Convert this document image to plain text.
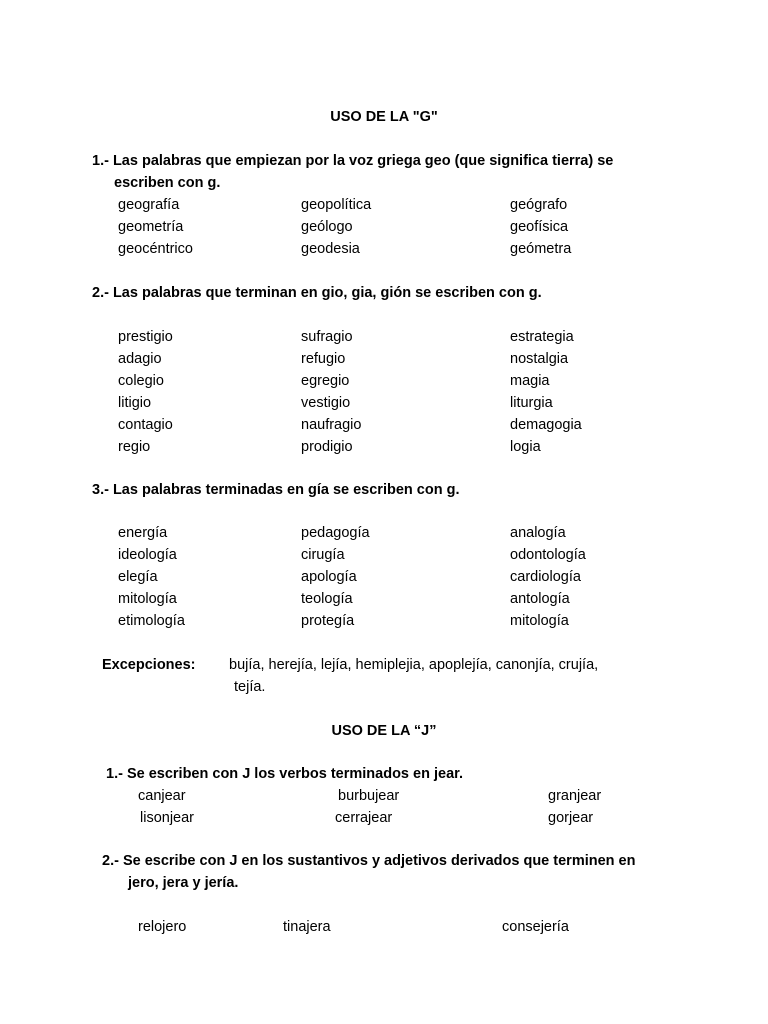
USO DE LA "G"
1.- Las palabras que empiezan por la voz griega geo (que significa tierra) se
escriben con g.
geografía	geopolítica	geógrafo
geometría	geólogo	geofísica
geocéntrico	geodesia	geómetra
2.- Las palabras que terminan en gio, gia, gión se escriben con g.
prestigio	sufragio	estrategia
adagio	refugio	nostalgia
colegio	egregio	magia
litigio	vestigio	liturgia
contagio	naufragio	demagogia
regio	prodigio	logia
3.- Las palabras terminadas en gía se escriben con g.
energía	pedagogía	analogía
ideología	cirugía	odontología
elegía	apología	cardiología
mitología	teología	antología
etimología	protegía	mitología
Excepciones: bujía, herejía, lejía, hemiplejia, apoplejía, canonjía, crujía,
tejía.
USO DE LA “J”
1.- Se escriben con J los verbos terminados en jear.
canjear	burbujear	granjear
lisonjear	cerrajear	gorjear
2.- Se escribe con J en los sustantivos y adjetivos derivados que terminen en
jero, jera y jería.
relojero	tinajera	consejería
